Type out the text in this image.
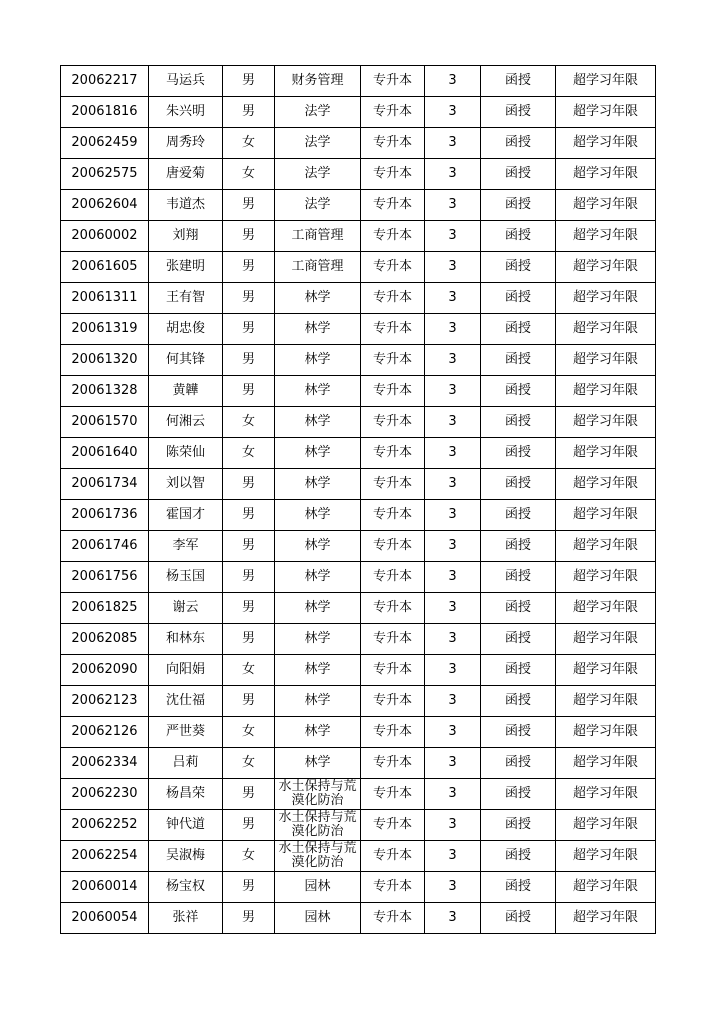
20062217	马运兵	男	财务管理	专升本	3	函授	超学习年限
20061816	朱兴明	男	法学	专升本	3	函授	超学习年限
20062459	周秀玲	女	法学	专升本	3	函授	超学习年限
20062575	唐爱菊	女	法学	专升本	3	函授	超学习年限
20062604	韦道杰	男	法学	专升本	3	函授	超学习年限
20060002	刘翔	男	工商管理	专升本	3	函授	超学习年限
20061605	张建明	男	工商管理	专升本	3	函授	超学习年限
20061311	王有智	男	林学	专升本	3	函授	超学习年限
20061319	胡忠俊	男	林学	专升本	3	函授	超学习年限
20061320	何其锋	男	林学	专升本	3	函授	超学习年限
20061328	黄韡	男	林学	专升本	3	函授	超学习年限
20061570	何湘云	女	林学	专升本	3	函授	超学习年限
20061640	陈荣仙	女	林学	专升本	3	函授	超学习年限
20061734	刘以智	男	林学	专升本	3	函授	超学习年限
20061736	霍国才	男	林学	专升本	3	函授	超学习年限
20061746	李军	男	林学	专升本	3	函授	超学习年限
20061756	杨玉国	男	林学	专升本	3	函授	超学习年限
20061825	谢云	男	林学	专升本	3	函授	超学习年限
20062085	和林东	男	林学	专升本	3	函授	超学习年限
20062090	向阳娟	女	林学	专升本	3	函授	超学习年限
20062123	沈仕福	男	林学	专升本	3	函授	超学习年限
20062126	严世葵	女	林学	专升本	3	函授	超学习年限
20062334	吕莉	女	林学	专升本	3	函授	超学习年限
20062230	杨昌荣	男	水土保持与荒漠化防治	专升本	3	函授	超学习年限
20062252	钟代道	男	水土保持与荒漠化防治	专升本	3	函授	超学习年限
20062254	吴淑梅	女	水土保持与荒漠化防治	专升本	3	函授	超学习年限
20060014	杨宝权	男	园林	专升本	3	函授	超学习年限
20060054	张祥	男	园林	专升本	3	函授	超学习年限
